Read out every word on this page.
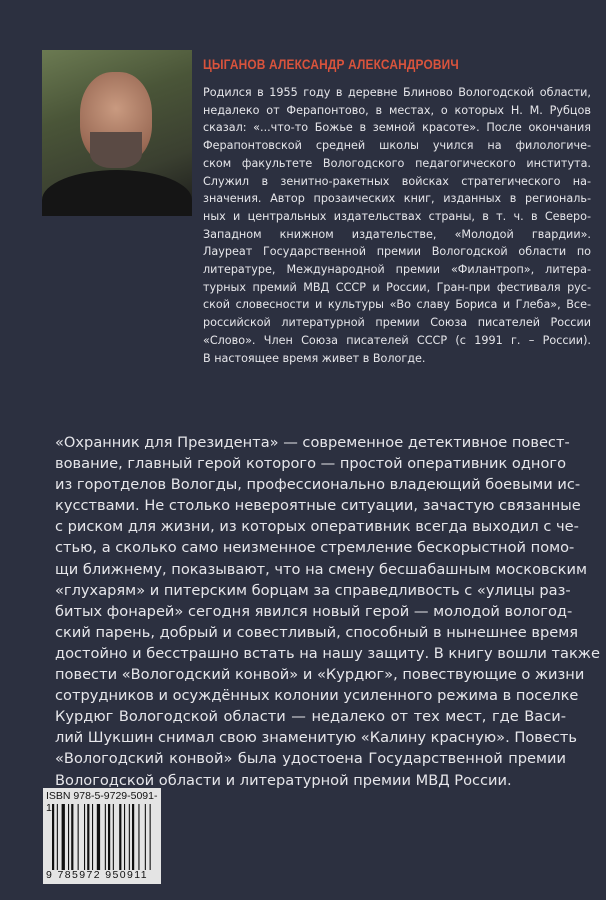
ЦЫГАНОВ АЛЕКСАНДР АЛЕКСАНДРОВИЧ
Родился в 1955 году в деревне Блиново Вологодской области,
недалеко от Ферапонтово, в местах, о которых Н. М. Рубцов
сказал: «...что-то Божье в земной красоте». После окончания
Ферапонтовской средней школы учился на филологиче-
ском факультете Вологодского педагогического института.
Служил в зенитно-ракетных войсках стратегического на-
значения. Автор прозаических книг, изданных в региональ-
ных и центральных издательствах страны, в т. ч. в Северо-
Западном книжном издательстве, «Молодой гвардии».
Лауреат Государственной премии Вологодской области по
литературе, Международной премии «Филантроп», литера-
турных премий МВД СССР и России, Гран-при фестиваля рус-
ской словесности и культуры «Во славу Бориса и Глеба», Все-
российской литературной премии Союза писателей России
«Слово». Член Союза писателей СССР (с 1991 г. – России).
В настоящее время живет в Вологде.
«Охранник для Президента» — современное детективное повест-
вование, главный герой которого — простой оперативник одного
из горотделов Вологды, профессионально владеющий боевыми ис-
кусствами. Не столько невероятные ситуации, зачастую связанные
с риском для жизни, из которых оперативник всегда выходил с че-
стью, а сколько само неизменное стремление бескорыстной помо-
щи ближнему, показывают, что на смену бесшабашным московским
«глухарям» и питерским борцам за справедливость с «улицы раз-
битых фонарей» сегодня явился новый герой — молодой вологод-
ский парень, добрый и совестливый, способный в нынешнее время
достойно и бесстрашно встать на нашу защиту. В книгу вошли также
повести «Вологодский конвой» и «Курдюг», повествующие о жизни
сотрудников и осуждённых колонии усиленного режима в поселке
Курдюг Вологодской области — недалеко от тех мест, где Васи-
лий Шукшин снимал свою знаменитую «Калину красную». Повесть
«Вологодский конвой» была удостоена Государственной премии
Вологодской области и литературной премии МВД России.
ISBN 978-5-9729-5091-1
9 785972 950911
